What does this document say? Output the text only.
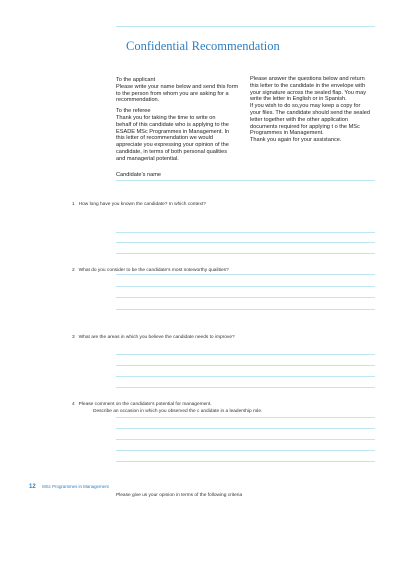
Confidential Recommendation
To the applicant
Please write your name below and send this form
to the person from whom you are asking for a
recommendation.
To the referee
Thank you for taking the time to write on
behalf of this candidate who is applying to the
ESADE MSc Programmes in Management. In
this letter of recommendation we would
appreciate you expressing your opinion of the
candidate, in terms of both personal qualities
and managerial potential.
Please answer the questions below and return
this letter to the candidate in the envelope with
your signature across the sealed flap. You may
write the letter in English or in Spanish.
If you wish to do so,you may keep a copy for
your files. The candidate should send the sealed
letter together with the other application
documents required for applying t o the MSc
Programmes in Management.
Thank you again for your assistance.
Candidate’s name
1 How long have you known the candidate? In which context?
2 What do you consider to be the candidate’s most noteworthy qualities?
3 What are the areas in which you believe the candidate needs to improve?
4 Please comment on the candidate’s potential for management.
Describe an occasion in which you observed the c andidate in a leadership role.
12 MSc Programmes in Management
Please give us your opinion in terms of the following criteria
